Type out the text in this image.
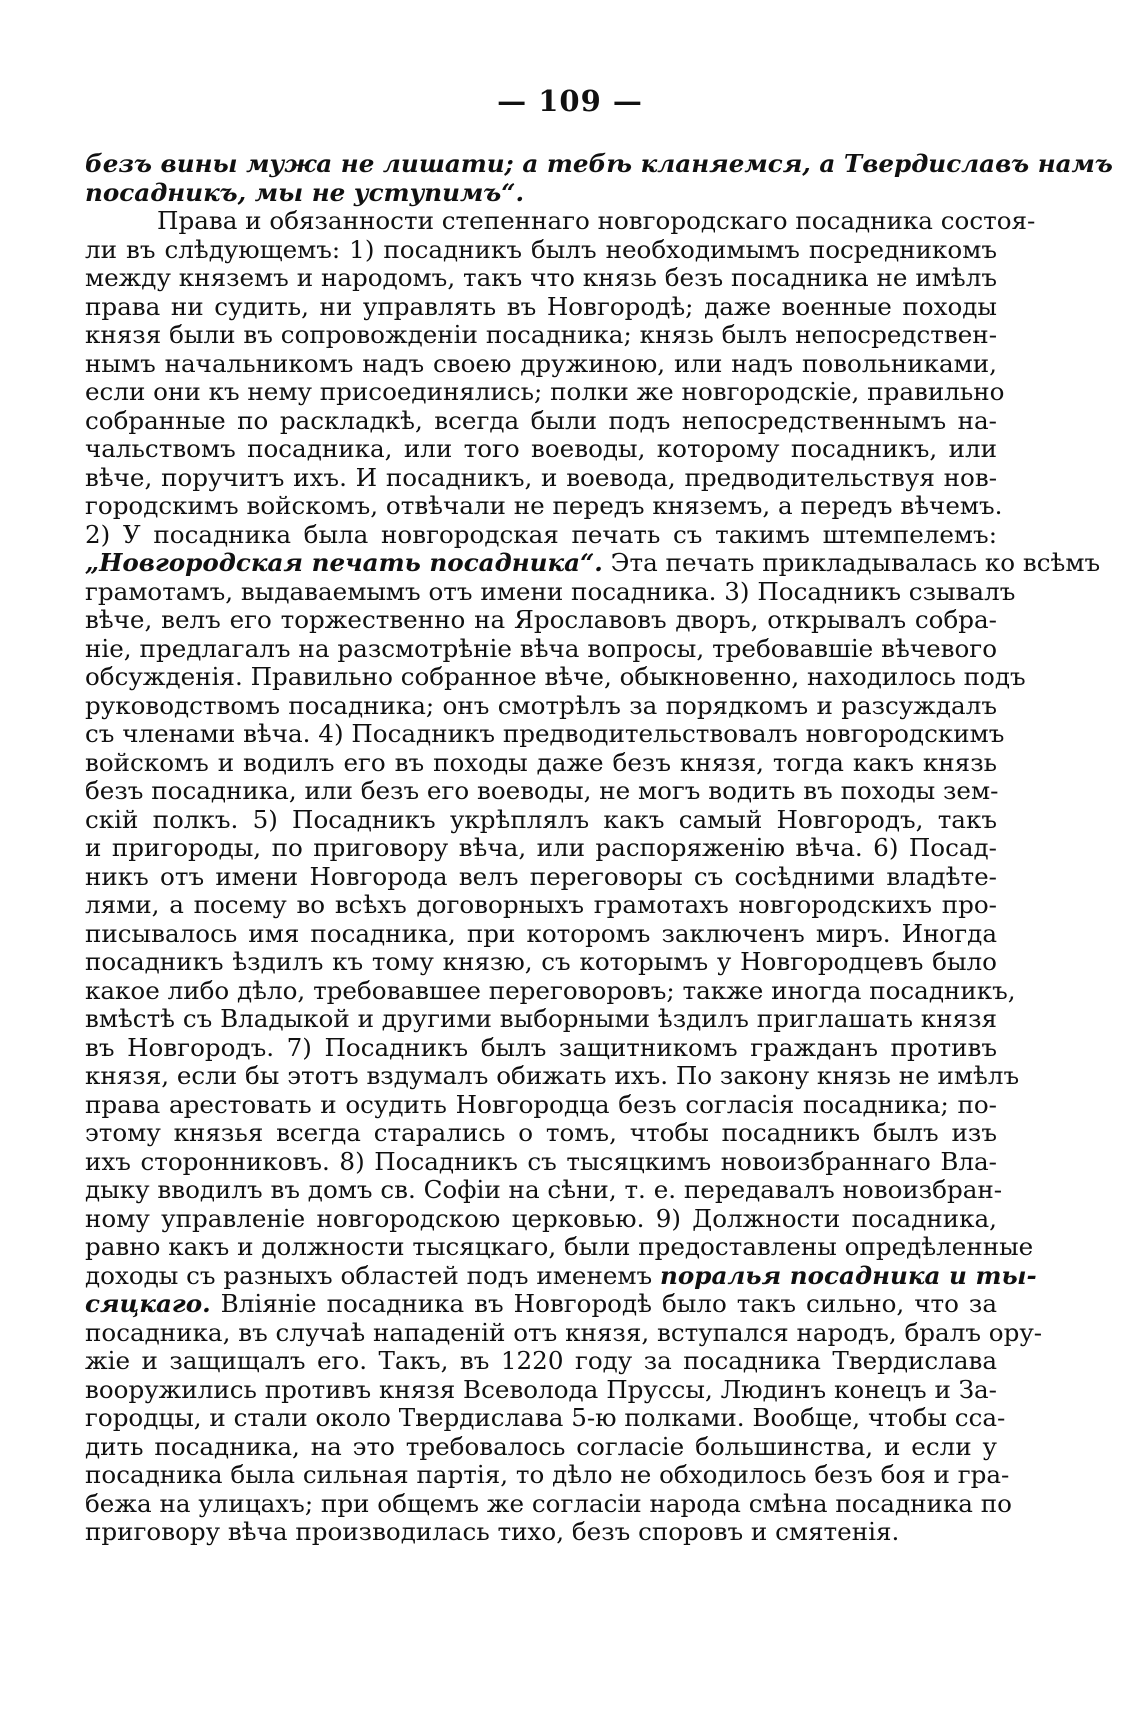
— 109 —
безъ вины мужа не лишати; а тебѣ кланяемся, а Твердиславъ намъ
посадникъ, мы не уступимъ“.
Права и обязанности степеннаго новгородскаго посадника состоя-
ли въ слѣдующемъ: 1) посадникъ былъ необходимымъ посредникомъ
между княземъ и народомъ, такъ что князь безъ посадника не имѣлъ
права ни судить, ни управлять въ Новгородѣ; даже военные походы
князя были въ сопровожденіи посадника; князь былъ непосредствен-
нымъ начальникомъ надъ своею дружиною, или надъ повольниками,
если они къ нему присоединялись; полки же новгородскіе, правильно
собранные по раскладкѣ, всегда были подъ непосредственнымъ на-
чальствомъ посадника, или того воеводы, которому посадникъ, или
вѣче, поручитъ ихъ. И посадникъ, и воевода, предводительствуя нов-
городскимъ войскомъ, отвѣчали не передъ княземъ, а передъ вѣчемъ.
2) У посадника была новгородская печать съ такимъ штемпелемъ:
„Новгородская печать посадника“. Эта печать прикладывалась ко всѣмъ
грамотамъ, выдаваемымъ отъ имени посадника. 3) Посадникъ сзывалъ
вѣче, велъ его торжественно на Ярославовъ дворъ, открывалъ собра-
ніе, предлагалъ на разсмотрѣніе вѣча вопросы, требовавшіе вѣчевого
обсужденія. Правильно собранное вѣче, обыкновенно, находилось подъ
руководствомъ посадника; онъ смотрѣлъ за порядкомъ и разсуждалъ
съ членами вѣча. 4) Посадникъ предводительствовалъ новгородскимъ
войскомъ и водилъ его въ походы даже безъ князя, тогда какъ князь
безъ посадника, или безъ его воеводы, не могъ водить въ походы зем-
скій полкъ. 5) Посадникъ укрѣплялъ какъ самый Новгородъ, такъ
и пригороды, по приговору вѣча, или распоряженію вѣча. 6) Посад-
никъ отъ имени Новгорода велъ переговоры съ сосѣдними владѣте-
лями, а посему во всѣхъ договорныхъ грамотахъ новгородскихъ про-
писывалось имя посадника, при которомъ заключенъ миръ. Иногда
посадникъ ѣздилъ къ тому князю, съ которымъ у Новгородцевъ было
какое либо дѣло, требовавшее переговоровъ; также иногда посадникъ,
вмѣстѣ съ Владыкой и другими выборными ѣздилъ приглашать князя
въ Новгородъ. 7) Посадникъ былъ защитникомъ гражданъ противъ
князя, если бы этотъ вздумалъ обижать ихъ. По закону князь не имѣлъ
права арестовать и осудить Новгородца безъ согласія посадника; по-
этому князья всегда старались о томъ, чтобы посадникъ былъ изъ
ихъ сторонниковъ. 8) Посадникъ съ тысяцкимъ новоизбраннаго Вла-
дыку вводилъ въ домъ св. Софіи на сѣни, т. е. передавалъ новоизбран-
ному управленіе новгородскою церковью. 9) Должности посадника,
равно какъ и должности тысяцкаго, были предоставлены опредѣленные
доходы съ разныхъ областей подъ именемъ поралья посадника и ты-
сяцкаго. Вліяніе посадника въ Новгородѣ было такъ сильно, что за
посадника, въ случаѣ нападеній отъ князя, вступался народъ, бралъ ору-
жіе и защищалъ его. Такъ, въ 1220 году за посадника Твердислава
вооружились противъ князя Всеволода Пруссы, Людинъ конецъ и За-
городцы, и стали около Твердислава 5-ю полками. Вообще, чтобы сса-
дить посадника, на это требовалось согласіе большинства, и если у
посадника была сильная партія, то дѣло не обходилось безъ боя и гра-
бежа на улицахъ; при общемъ же согласіи народа смѣна посадника по
приговору вѣча производилась тихо, безъ споровъ и смятенія.
